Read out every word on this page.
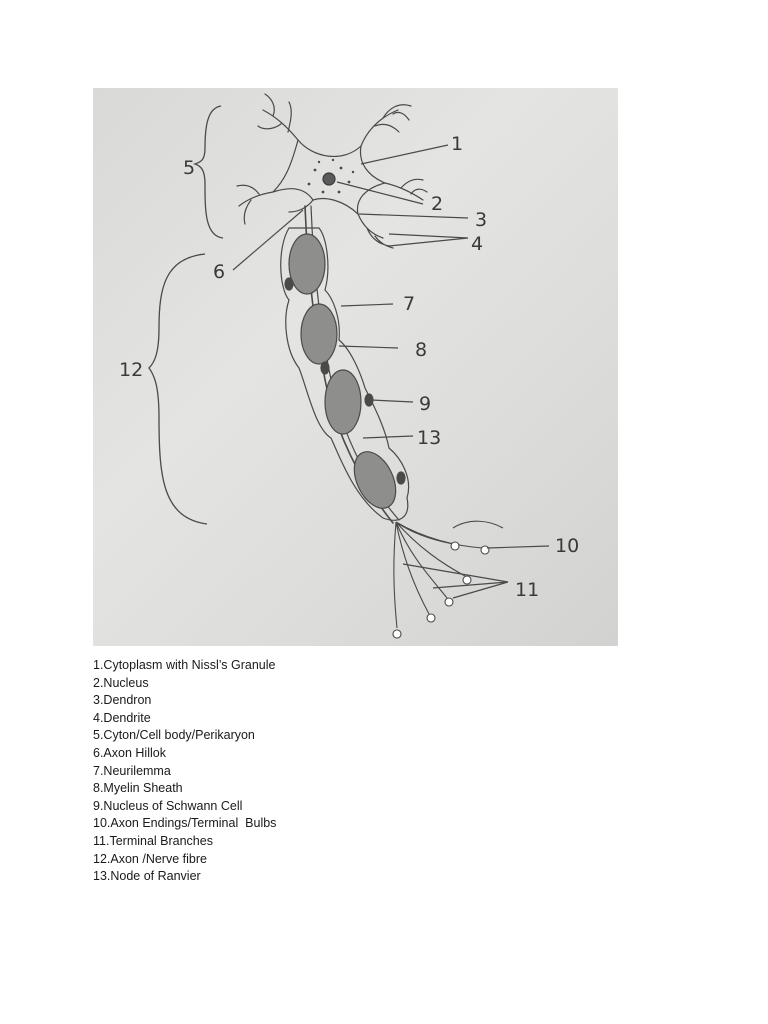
1
2
3
4
5
6
7
8
9
10
11
12
13
1.Cytoplasm with Nissl’s Granule
2.Nucleus
3.Dendron
4.Dendrite
5.Cyton/Cell body/Perikaryon
6.Axon Hillok
7.Neurilemma
8.Myelin Sheath
9.Nucleus of Schwann Cell
10.Axon Endings/Terminal  Bulbs
11.Terminal Branches
12.Axon /Nerve fibre
13.Node of Ranvier
